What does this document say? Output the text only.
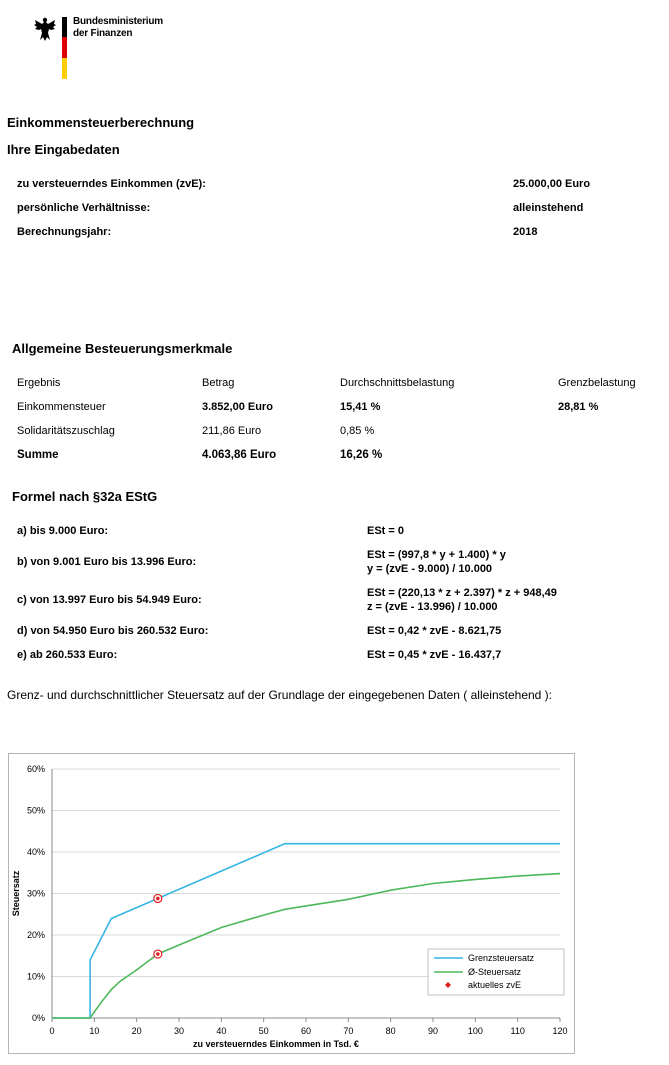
Bundesministerium
der Finanzen
Einkommensteuerberechnung
Ihre Eingabedaten
zu versteuerndes Einkommen (zvE):	25.000,00 Euro
persönliche Verhältnisse:	alleinstehend
Berechnungsjahr:	2018
Allgemeine Besteuerungsmerkmale
Ergebnis	Betrag	Durchschnittsbelastung	Grenzbelastung
Einkommensteuer	3.852,00 Euro	15,41 %	28,81 %
Solidaritätszuschlag	211,86 Euro	0,85 %
Summe	4.063,86 Euro	16,26 %
Formel nach §32a EStG
a) bis 9.000 Euro:	ESt = 0
b) von 9.001 Euro bis 13.996 Euro:
ESt = (997,8 * y + 1.400) * y
y = (zvE - 9.000) / 10.000
c) von 13.997 Euro bis 54.949 Euro:
ESt = (220,13 * z + 2.397) * z + 948,49
z = (zvE - 13.996) / 10.000
d) von 54.950 Euro bis 260.532 Euro:	ESt = 0,42 * zvE - 8.621,75
e) ab 260.533 Euro:	ESt = 0,45 * zvE - 16.437,7
Grenz- und durchschnittlicher Steuersatz auf der Grundlage der eingegebenen Daten ( alleinstehend ):
0%
10%
20%
30%
40%
50%
60%
0	10	20	30	40	50	60	70	80	90	100	110	120
Steuersatz
zu versteuerndes Einkommen in Tsd. €
Grenzsteuersatz
Ø-Steuersatz
aktuelles zvE
